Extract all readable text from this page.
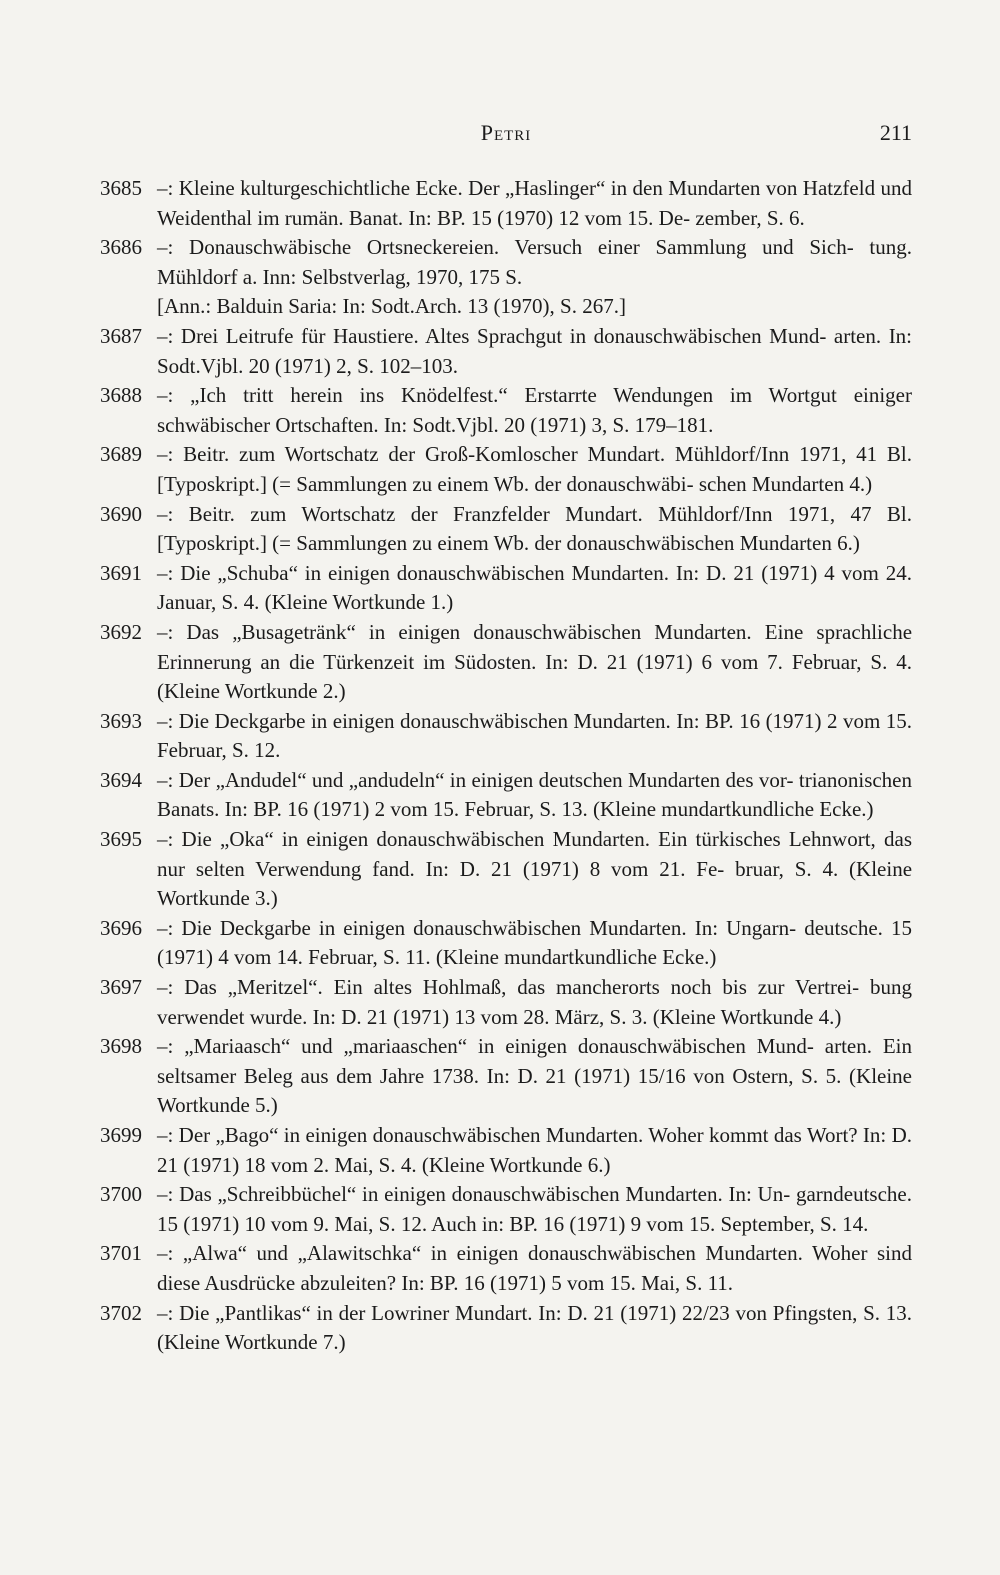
Petri	211
3685 –: Kleine kulturgeschichtliche Ecke. Der „Haslinger“ in den Mundarten von Hatzfeld und Weidenthal im rumän. Banat. In: BP. 15 (1970) 12 vom 15. De- zember, S. 6.
3686 –: Donauschwäbische Ortsneckereien. Versuch einer Sammlung und Sich- tung. Mühldorf a. Inn: Selbstverlag, 1970, 175 S.
[Ann.: Balduin Saria: In: Sodt.Arch. 13 (1970), S. 267.]
3687 –: Drei Leitrufe für Haustiere. Altes Sprachgut in donauschwäbischen Mund- arten. In: Sodt.Vjbl. 20 (1971) 2, S. 102–103.
3688 –: „Ich tritt herein ins Knödelfest.“ Erstarrte Wendungen im Wortgut einiger schwäbischer Ortschaften. In: Sodt.Vjbl. 20 (1971) 3, S. 179–181.
3689 –: Beitr. zum Wortschatz der Groß-Komloscher Mundart. Mühldorf/Inn 1971, 41 Bl. [Typoskript.] (= Sammlungen zu einem Wb. der donauschwäbi- schen Mundarten 4.)
3690 –: Beitr. zum Wortschatz der Franzfelder Mundart. Mühldorf/Inn 1971, 47 Bl. [Typoskript.] (= Sammlungen zu einem Wb. der donauschwäbischen Mundarten 6.)
3691 –: Die „Schuba“ in einigen donauschwäbischen Mundarten. In: D. 21 (1971) 4 vom 24. Januar, S. 4. (Kleine Wortkunde 1.)
3692 –: Das „Busagetränk“ in einigen donauschwäbischen Mundarten. Eine sprachliche Erinnerung an die Türkenzeit im Südosten. In: D. 21 (1971) 6 vom 7. Februar, S. 4. (Kleine Wortkunde 2.)
3693 –: Die Deckgarbe in einigen donauschwäbischen Mundarten. In: BP. 16 (1971) 2 vom 15. Februar, S. 12.
3694 –: Der „Andudel“ und „andudeln“ in einigen deutschen Mundarten des vor- trianonischen Banats. In: BP. 16 (1971) 2 vom 15. Februar, S. 13. (Kleine mundartkundliche Ecke.)
3695 –: Die „Oka“ in einigen donauschwäbischen Mundarten. Ein türkisches Lehnwort, das nur selten Verwendung fand. In: D. 21 (1971) 8 vom 21. Fe- bruar, S. 4. (Kleine Wortkunde 3.)
3696 –: Die Deckgarbe in einigen donauschwäbischen Mundarten. In: Ungarn- deutsche. 15 (1971) 4 vom 14. Februar, S. 11. (Kleine mundartkundliche Ecke.)
3697 –: Das „Meritzel“. Ein altes Hohlmaß, das mancherorts noch bis zur Vertrei- bung verwendet wurde. In: D. 21 (1971) 13 vom 28. März, S. 3. (Kleine Wortkunde 4.)
3698 –: „Mariaasch“ und „mariaaschen“ in einigen donauschwäbischen Mund- arten. Ein seltsamer Beleg aus dem Jahre 1738. In: D. 21 (1971) 15/16 von Ostern, S. 5. (Kleine Wortkunde 5.)
3699 –: Der „Bago“ in einigen donauschwäbischen Mundarten. Woher kommt das Wort? In: D. 21 (1971) 18 vom 2. Mai, S. 4. (Kleine Wortkunde 6.)
3700 –: Das „Schreibbüchel“ in einigen donauschwäbischen Mundarten. In: Un- garndeutsche. 15 (1971) 10 vom 9. Mai, S. 12. Auch in: BP. 16 (1971) 9 vom 15. September, S. 14.
3701 –: „Alwa“ und „Alawitschka“ in einigen donauschwäbischen Mundarten. Woher sind diese Ausdrücke abzuleiten? In: BP. 16 (1971) 5 vom 15. Mai, S. 11.
3702 –: Die „Pantlikas“ in der Lowriner Mundart. In: D. 21 (1971) 22/23 von Pfingsten, S. 13. (Kleine Wortkunde 7.)
